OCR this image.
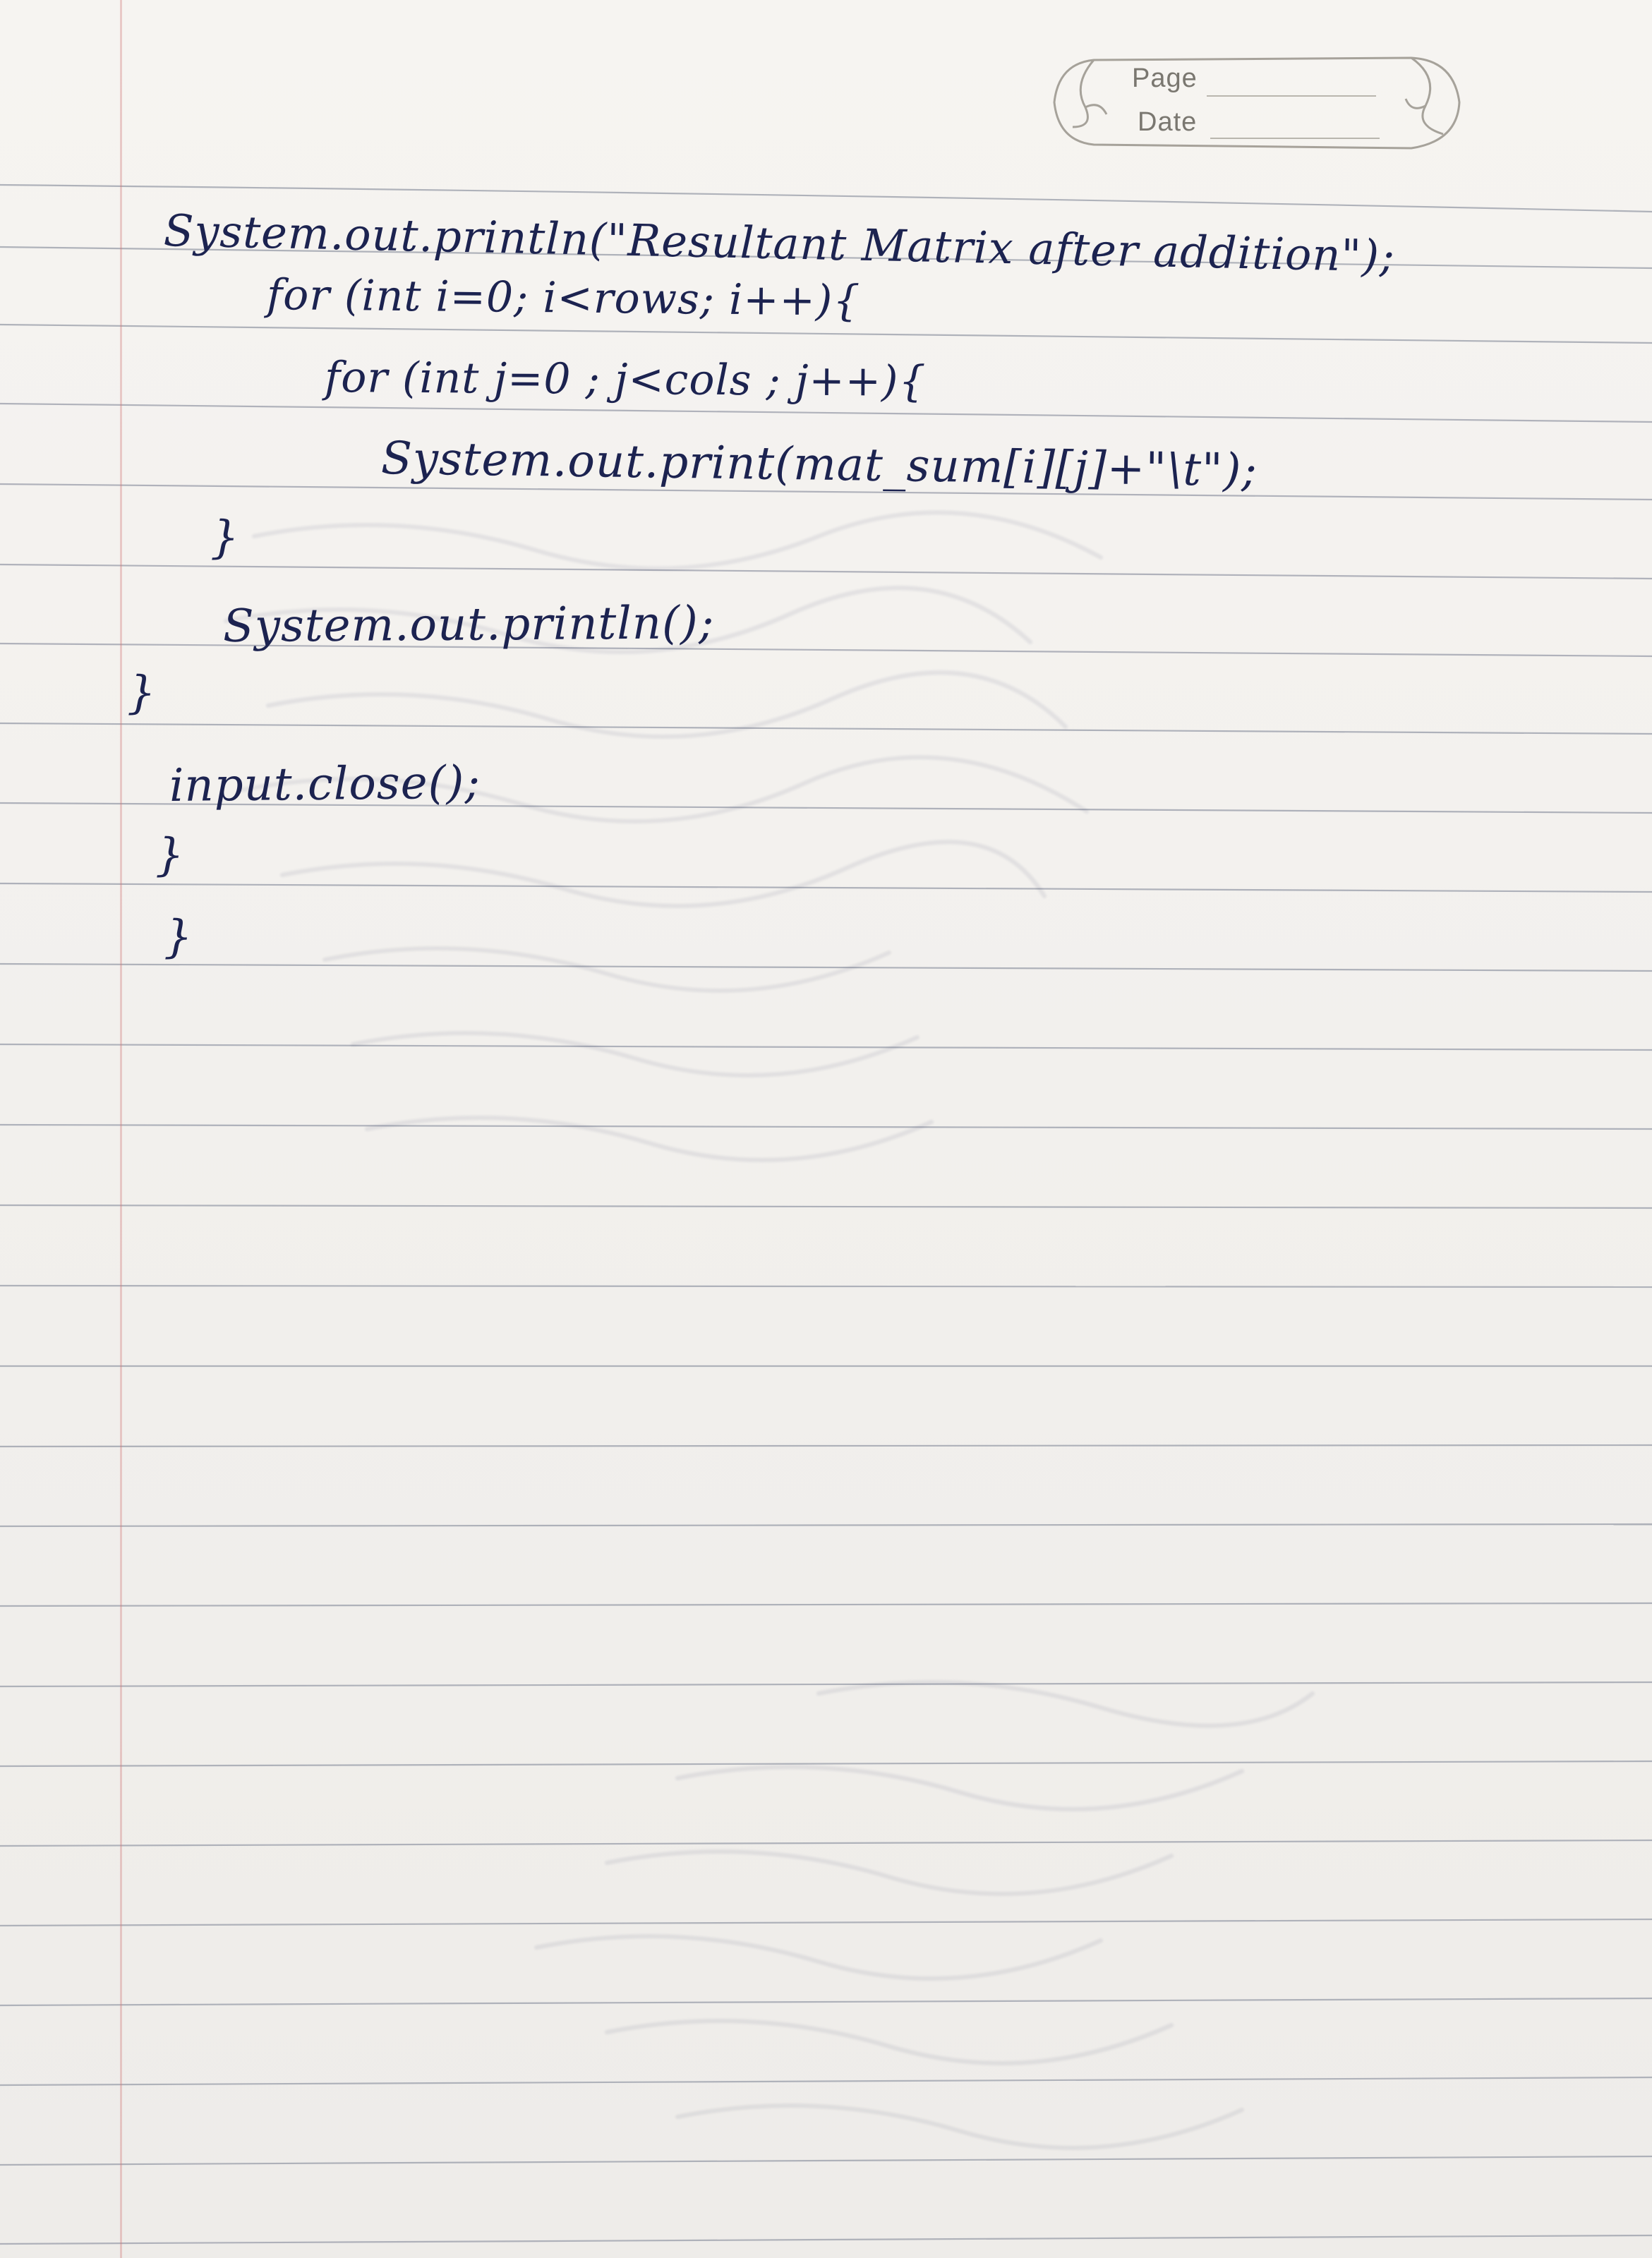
Page
Date
System.out.println("Resultant Matrix after addition");
for (int i=0; i<rows; i++){
for (int j=0 ; j<cols ; j++){
System.out.print(mat_sum[i][j]+"\t");
}
System.out.println();
}
input.close();
}
}
